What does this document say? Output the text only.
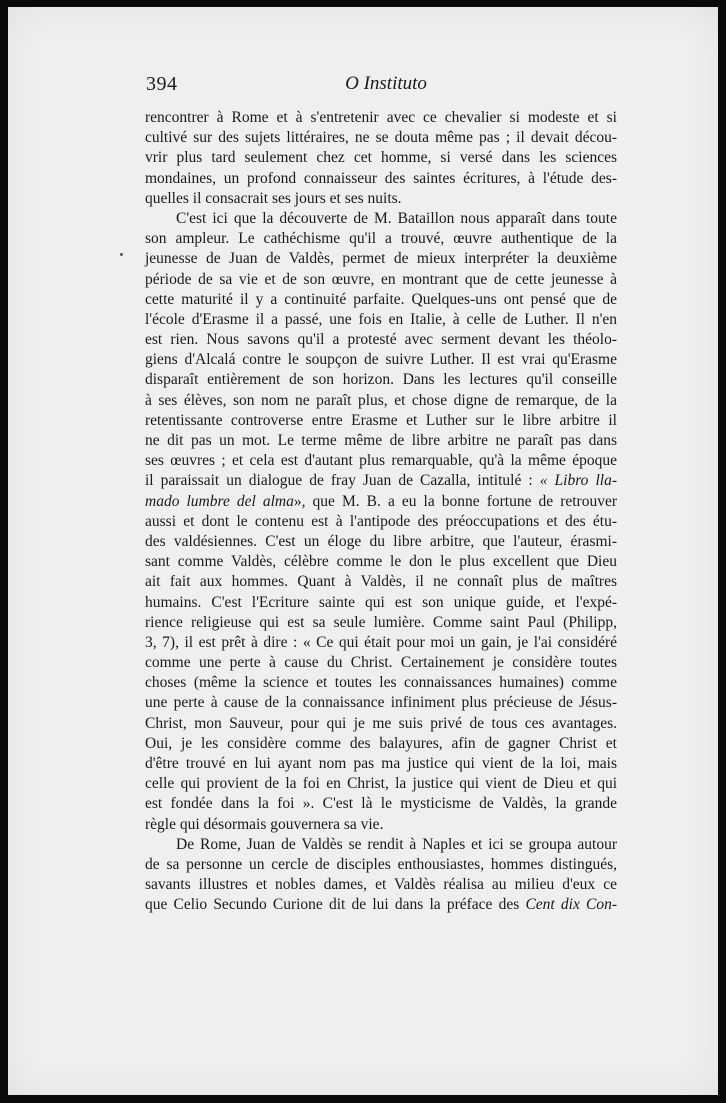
394	O Instituto
rencontrer à Rome et à s'entretenir avec ce chevalier si modeste et si
cultivé sur des sujets littéraires, ne se douta même pas ; il devait décou-
vrir plus tard seulement chez cet homme, si versé dans les sciences
mondaines, un profond connaisseur des saintes écritures, à l'étude des-
quelles il consacrait ses jours et ses nuits.
C'est ici que la découverte de M. Bataillon nous apparaît dans toute
son ampleur. Le cathéchisme qu'il a trouvé, œuvre authentique de la
jeunesse de Juan de Valdès, permet de mieux interpréter la deuxième
période de sa vie et de son œuvre, en montrant que de cette jeunesse à
cette maturité il y a continuité parfaite. Quelques-uns ont pensé que de
l'école d'Erasme il a passé, une fois en Italie, à celle de Luther. Il n'en
est rien. Nous savons qu'il a protesté avec serment devant les théolo-
giens d'Alcalá contre le soupçon de suivre Luther. Il est vrai qu'Erasme
disparaît entièrement de son horizon. Dans les lectures qu'il conseille
à ses élèves, son nom ne paraît plus, et chose digne de remarque, de la
retentissante controverse entre Erasme et Luther sur le libre arbitre il
ne dit pas un mot. Le terme même de libre arbitre ne paraît pas dans
ses œuvres ; et cela est d'autant plus remarquable, qu'à la même époque
il paraissait un dialogue de fray Juan de Cazalla, intitulé : « Libro lla-
mado lumbre del alma», que M. B. a eu la bonne fortune de retrouver
aussi et dont le contenu est à l'antipode des préoccupations et des étu-
des valdésiennes. C'est un éloge du libre arbitre, que l'auteur, érasmi-
sant comme Valdès, célèbre comme le don le plus excellent que Dieu
ait fait aux hommes. Quant à Valdès, il ne connaît plus de maîtres
humains. C'est l'Ecriture sainte qui est son unique guide, et l'expé-
rience religieuse qui est sa seule lumière. Comme saint Paul (Philipp,
3, 7), il est prêt à dire : « Ce qui était pour moi un gain, je l'ai considéré
comme une perte à cause du Christ. Certainement je considère toutes
choses (même la science et toutes les connaissances humaines) comme
une perte à cause de la connaissance infiniment plus précieuse de Jésus-
Christ, mon Sauveur, pour qui je me suis privé de tous ces avantages.
Oui, je les considère comme des balayures, afin de gagner Christ et
d'être trouvé en lui ayant nom pas ma justice qui vient de la loi, mais
celle qui provient de la foi en Christ, la justice qui vient de Dieu et qui
est fondée dans la foi ». C'est là le mysticisme de Valdès, la grande
règle qui désormais gouvernera sa vie.
De Rome, Juan de Valdès se rendit à Naples et ici se groupa autour
de sa personne un cercle de disciples enthousiastes, hommes distingués,
savants illustres et nobles dames, et Valdès réalisa au milieu d'eux ce
que Celio Secundo Curione dit de lui dans la préface des Cent dix Con-
